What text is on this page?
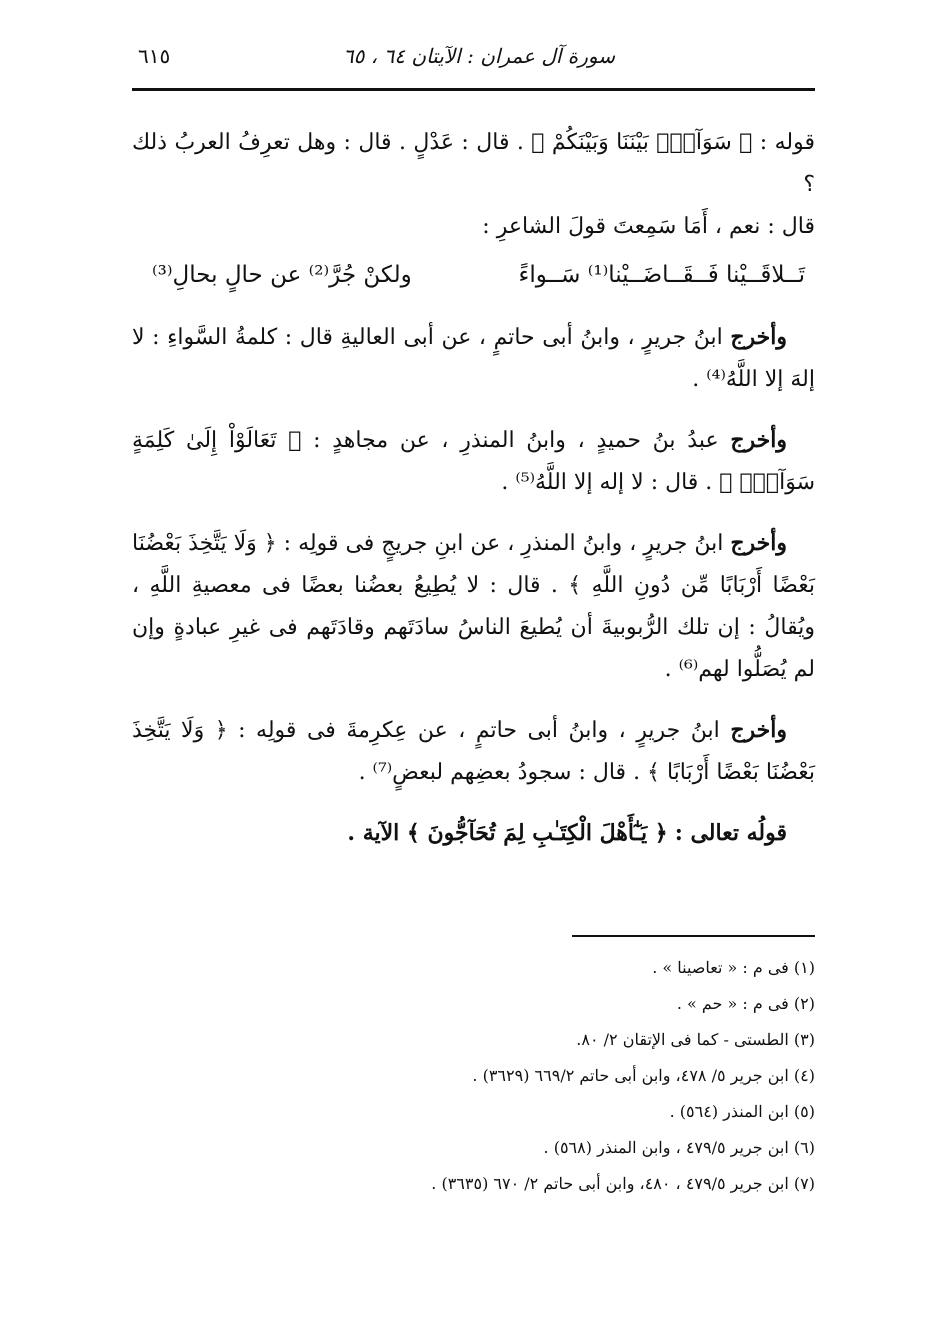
سورة آل عمران : الآيتان ٦٤ ، ٦٥
٦١٥

قوله : ﴿ سَوَآءِۭ بَيْنَنَا وَبَيْنَكُمْ ﴾ . قال : عَدْلٍ . قال : وهل تعرِفُ العربُ ذلك ؟
قال : نعم ، أَمَا سَمِعتَ قولَ الشاعرِ :

تَــلاقَــيْنا فَــقَــاضَــيْنا⁽¹⁾ سَــواءً
ولكنْ جُرَّ⁽²⁾ عن حالٍ بحالِ⁽³⁾

وأخرج ابنُ جريرٍ ، وابنُ أبى حاتمٍ ، عن أبى العاليةِ قال : كلمةُ السَّواءِ : لا إلهَ إلا اللَّهُ⁽⁴⁾ .

وأخرج عبدُ بنُ حميدٍ ، وابنُ المنذرِ ، عن مجاهدٍ : ﴿ تَعَالَوْاْ إِلَىٰ كَلِمَةٍ سَوَآءِۭ ﴾ . قال : لا إله إلا اللَّهُ⁽⁵⁾ .

وأخرج ابنُ جريرٍ ، وابنُ المنذرِ ، عن ابنِ جريجٍ فى قولِه : ﴿ وَلَا يَتَّخِذَ بَعْضُنَا بَعْضًا أَرْبَابًا مِّن دُونِ اللَّهِ ﴾ . قال : لا يُطِيعُ بعضُنا بعضًا فى معصيةِ اللَّهِ ، ويُقالُ : إن تلك الرُّبوبيةَ أن يُطيعَ الناسُ سادَتَهم وقادَتَهم فى غيرِ عبادةٍ وإن لم يُصَلُّوا لهم⁽⁶⁾ .

وأخرج ابنُ جريرٍ ، وابنُ أبى حاتمٍ ، عن عِكرِمةَ فى قولِه : ﴿ وَلَا يَتَّخِذَ بَعْضُنَا بَعْضًا أَرْبَابًا ﴾ . قال : سجودُ بعضِهم لبعضٍ⁽⁷⁾ .

قولُه تعالى : ﴿ يَـٰٓأَهْلَ الْكِتَـٰبِ لِمَ تُحَآجُّونَ ﴾ الآية .

(١) فى م : « تعاصينا » .
(٢) فى م : « حم » .
(٣) الطستى - كما فى الإتقان ٢/ ٨٠.
(٤) ابن جرير ٥/ ٤٧٨، وابن أبى حاتم ٦٦٩/٢ (٣٦٢٩) .
(٥) ابن المنذر (٥٦٤) .
(٦) ابن جرير ٤٧٩/٥ ، وابن المنذر (٥٦٨) .
(٧) ابن جرير ٤٧٩/٥ ، ٤٨٠، وابن أبى حاتم ٢/ ٦٧٠ (٣٦٣٥) .
